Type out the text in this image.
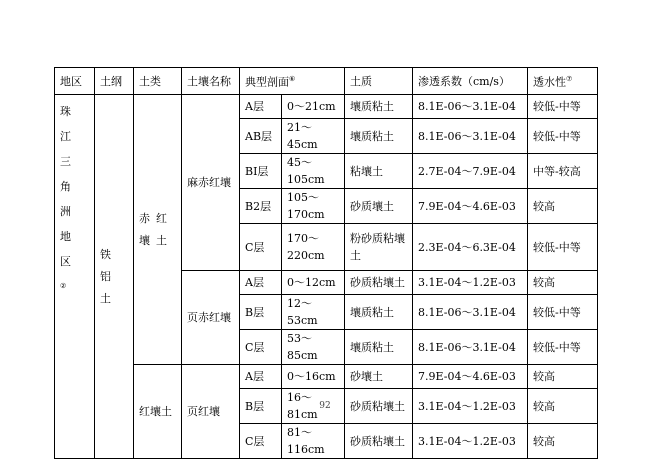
地区	土纲	土类	土壤名称	典型剖面⑥		土质	渗透系数（cm/s）	透水性⑦
珠江三角洲地区②	铁铝土	赤红壤土	麻赤红壤	A层	0～21cm	壤质粘土	8.1E-06～3.1E-04	较低-中等
				AB层	21～45cm	壤质粘土	8.1E-06～3.1E-04	较低-中等
				BI层	45～105cm	粘壤土	2.7E-04～7.9E-04	中等-较高
				B2层	105～170cm	砂质壤土	7.9E-04～4.6E-03	较高
				C层	170～220cm	粉砂质粘壤土	2.3E-04～6.3E-04	较低-中等
			页赤红壤	A层	0～12cm	砂质粘壤土	3.1E-04～1.2E-03	较高
				B层	12～53cm	壤质粘土	8.1E-06～3.1E-04	较低-中等
				C层	53～85cm	壤质粘土	8.1E-06～3.1E-04	较低-中等
		红壤土	页红壤	A层	0～16cm	砂壤土	7.9E-04～4.6E-03	较高
				B层	16～81cm	砂质粘壤土	3.1E-04～1.2E-03	较高
				C层	81～116cm	砂质粘壤土	3.1E-04～1.2E-03	较高
92
